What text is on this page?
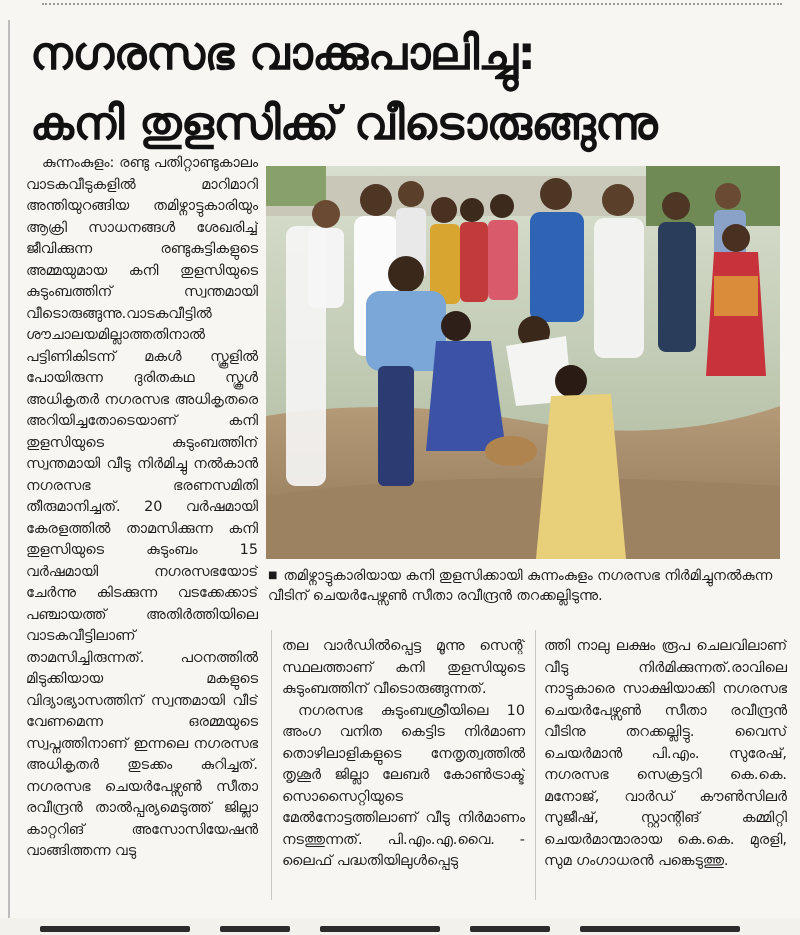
നഗരസഭ വാക്കുപാലിച്ചു:
കനി തുളസിക്ക് വീടൊരുങ്ങുന്നു
കുന്നംകുളം: രണ്ടു പതിറ്റാണ്ടുകാലം വാടകവീടുകളിൽ മാറിമാറി അന്തിയുറങ്ങിയ തമിഴ്നാട്ടുകാരിയും ആക്രി സാധനങ്ങൾ ശേഖരിച്ച് ജീവിക്കുന്ന രണ്ടുകുട്ടികളുടെ അമ്മയുമായ കനി തുളസിയുടെ കുടുംബത്തിന് സ്വന്തമായി വീടൊരുങ്ങുന്നു.വാടകവീട്ടിൽ ശൗചാലയമില്ലാത്തതിനാൽ പട്ടിണികിടന്ന് മകൾ സ്കൂളിൽ പോയിരുന്ന ദുരിതകഥ സ്കൂൾ അധികൃതർ നഗരസഭ അധികൃതരെ അറിയിച്ചതോടെയാണ് കനി തുളസിയുടെ കുടുംബത്തിന് സ്വന്തമായി വീടു നിർമിച്ചു നൽകാൻ നഗരസഭ ഭരണസമിതി തീരുമാനിച്ചത്. 20 വർഷമായി കേരളത്തിൽ താമസിക്കുന്ന കനി തുളസിയുടെ കുടുംബം 15 വർഷമായി നഗരസഭയോട് ചേർന്നു കിടക്കുന്ന വടക്കേക്കാട് പഞ്ചായത്ത് അതിർത്തിയിലെ വാടകവീട്ടിലാണ് താമസിച്ചിരുന്നത്. പഠനത്തിൽ മിടുക്കിയായ മകളുടെ വിദ്യാഭ്യാസത്തിന് സ്വന്തമായി വീട് വേണമെന്ന ഒരമ്മയുടെ സ്വപ്നത്തിനാണ് ഇന്നലെ നഗരസഭ അധികൃതർ തുടക്കം കുറിച്ചത്. നഗരസഭ ചെയർപേഴ്സൺ സീതാ രവീന്ദ്രൻ താൽപ്പര്യമെടുത്ത് ജില്ലാ കാറ്ററിങ് അസോസിയേഷൻ വാങ്ങിത്തന്ന വടു
■ തമിഴ്നാട്ടുകാരിയായ കനി തുളസിക്കായി കുന്നംകുളം നഗരസഭ നിർമിച്ചുനൽകുന്ന വീടിന് ചെയർപേഴ്സൺ സീതാ രവീന്ദ്രൻ തറക്കല്ലിടുന്നു.
തല വാർഡിൽപ്പെട്ട മൂന്നു സെന്റ് സ്ഥലത്താണ് കനി തുളസിയുടെ കുടുംബത്തിന് വീടൊരുങ്ങുന്നത്.
നഗരസഭ കുടുംബശ്രീയിലെ 10 അംഗ വനിത കെട്ടിട നിർമാണ തൊഴിലാളികളുടെ നേതൃത്വത്തിൽ തൃശൂർ ജില്ലാ ലേബർ കോൺട്രാക്ട് സൊസൈറ്റിയുടെ മേൽനോട്ടത്തിലാണ് വീടു നിർമാണം നടത്തുന്നത്. പി.എം.എ.വൈ. - ലൈഫ് പദ്ധതിയിലുൾപ്പെടു
ത്തി നാലു ലക്ഷം രൂപ ചെലവിലാണ് വീടു നിർമിക്കുന്നത്.രാവിലെ നാട്ടുകാരെ സാക്ഷിയാക്കി നഗരസഭ ചെയർപേഴ്സൺ സീതാ രവീന്ദ്രൻ വീടിനു തറക്കല്ലിട്ടു. വൈസ് ചെയർമാൻ പി.എം. സുരേഷ്, നഗരസഭ സെക്രട്ടറി കെ.കെ. മനോജ്, വാർഡ് കൗൺസിലർ സുജീഷ്, സ്റ്റാന്റിങ് കമ്മിറ്റി ചെയർമാന്മാരായ കെ.കെ. മുരളി, സുമ ഗംഗാധരൻ പങ്കെടുത്തു.
